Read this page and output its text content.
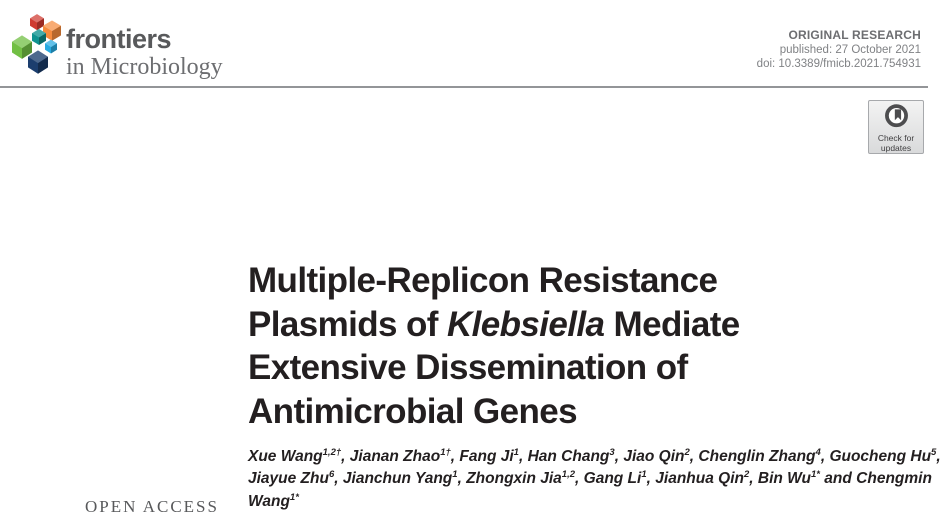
frontiers
in Microbiology
ORIGINAL RESEARCH
published: 27 October 2021
doi: 10.3389/fmicb.2021.754931
Check for
updates
Multiple-Replicon Resistance Plasmids of Klebsiella Mediate Extensive Dissemination of Antimicrobial Genes

Xue Wang$^{1,2\dagger}$, Jianan Zhao$^{1\dagger}$, Fang Ji$^1$, Han Chang$^3$, Jiao Qin$^2$, Chenglin Zhang$^4$, Guocheng Hu$^5$, Jiayue Zhu$^6$, Jianchun Yang$^1$, Zhongxin Jia$^{1,2}$, Gang Li$^1$, Jianhua Qin$^2$, Bin $Wu^{1*}$ and Chengmin Wang$^{1*}$

OPEN ACCESS
